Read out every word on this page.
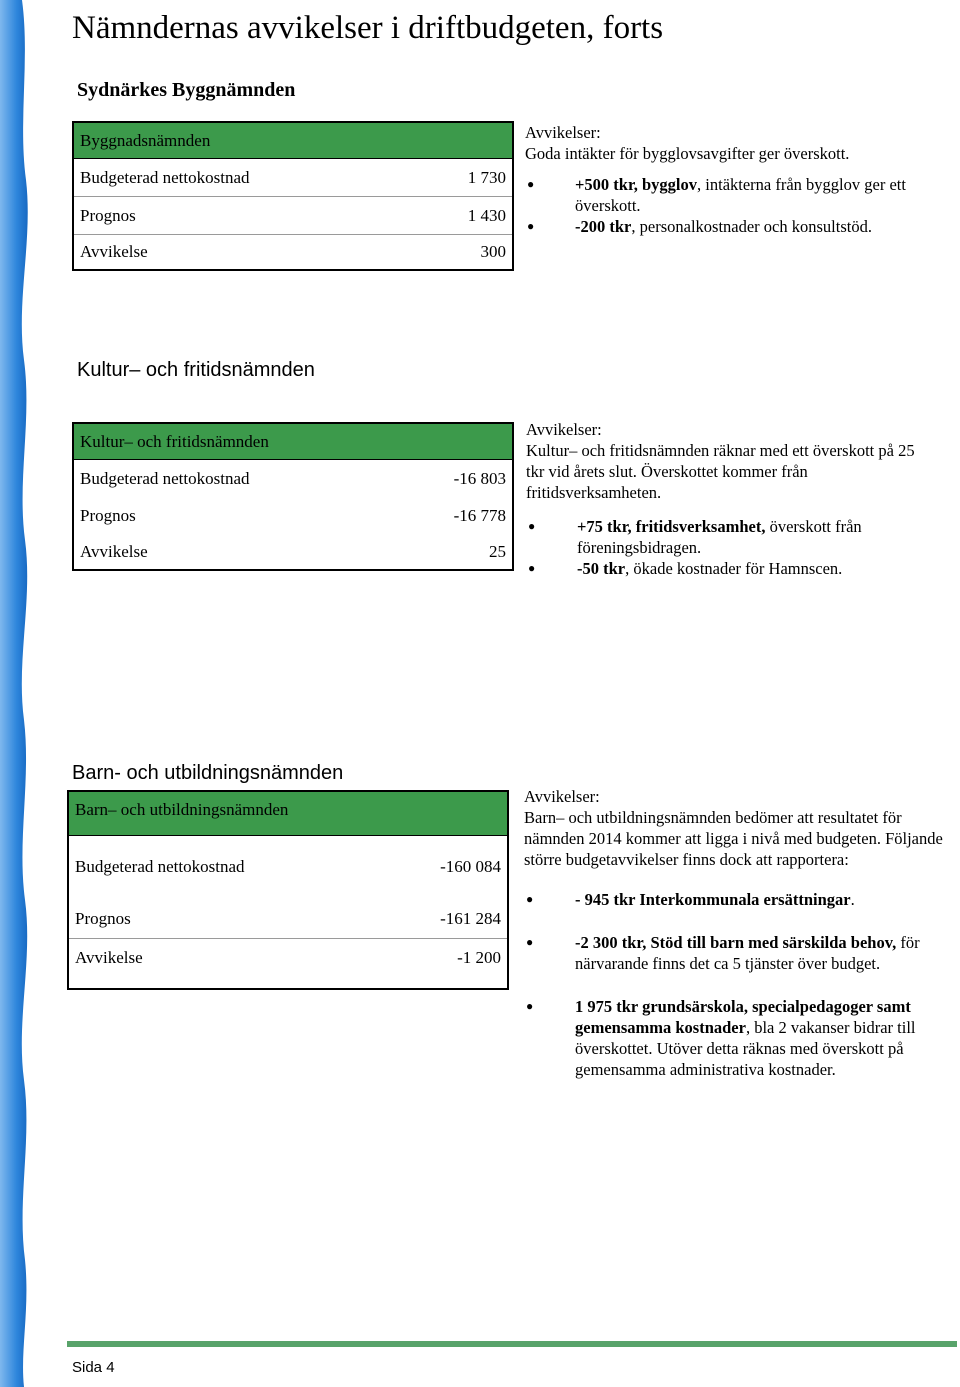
Nämndernas avvikelser i driftbudgeten, forts
Sydnärkes Byggnämnden
Byggnadsnämnden
Budgeterad nettokostnad	1 730
Prognos	1 430
Avvikelse	300

Avvikelser:

Goda intäkter för bygglovsavgifter ger överskott.

● +500 tkr, bygglov, intäkterna från bygglov ger ett överskott.
● -200 tkr, personalkostnader och konsultstöd.
Kultur– och fritidsnämnden
Kultur– och fritidsnämnden
Budgeterad nettokostnad	-16 803
Prognos	-16 778
Avvikelse	25

Avvikelser:

Kultur– och fritidsnämnden räknar med ett överskott på 25 tkr vid årets slut. Överskottet kommer från fritidsverksamheten.

●	+75 tkr, fritidsverksamhet, överskott från föreningsbidragen.
●	-50 tkr, ökade kostnader för Hamnscen.
Barn- och utbildningsnämnden
Barn– och utbildningsnämnden
Budgeterad nettokostnad	-160 084
Prognos	-161 284
Avvikelse	-1 200

Avvikelser:

Barn– och utbildningsnämnden bedömer att resultatet för nämnden 2014 kommer att ligga i nivå med budgeten. Följande större budgetavvikelser finns dock att rapportera:

●	- 945 tkr Interkommunala ersättningar.
●	-2 300 tkr, Stöd till barn med särskilda behov, för närvarande finns det ca 5 tjänster över budget.
●	1 975 tkr grundsärskola, specialpedagoger samt gemensamma kostnader, bla 2 vakanser bidrar till överskottet. Utöver detta räknas med överskott på gemensamma administrativa kostnader.
Sida 4
